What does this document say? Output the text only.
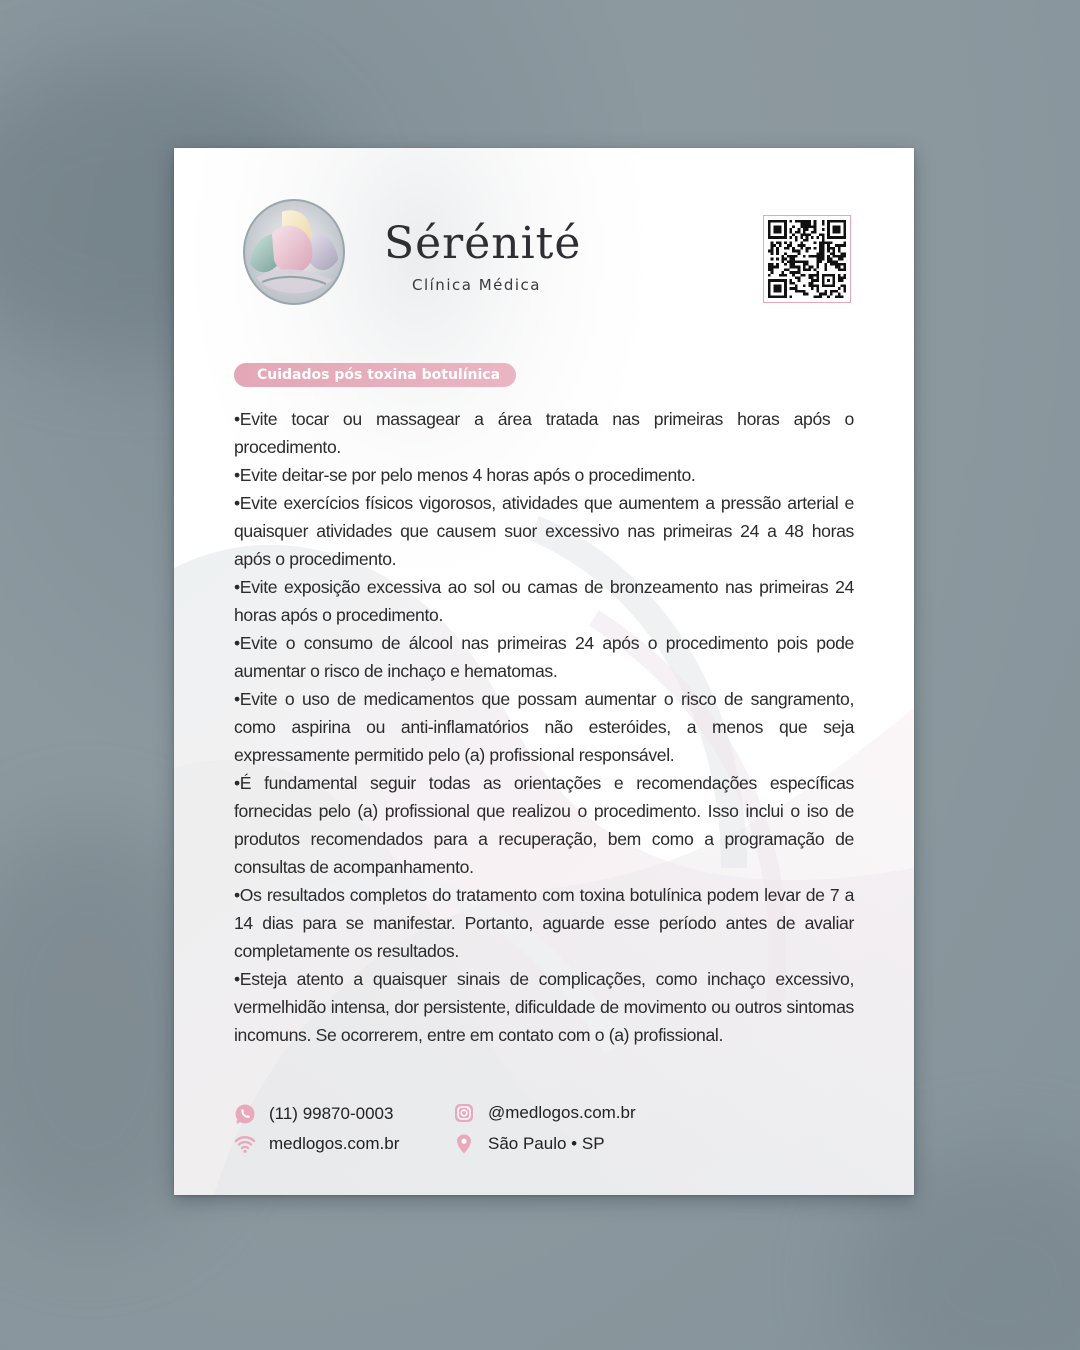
Sérénité
Clínica Médica
Cuidados pós toxina botulínica

•Evite tocar ou massagear a área tratada nas primeiras horas após o procedimento.

•Evite deitar-se por pelo menos 4 horas após o procedimento.

•Evite exercícios físicos vigorosos, atividades que aumentem a pressão arterial e quaisquer atividades que causem suor excessivo nas primeiras 24 a 48 horas após o procedimento.

•Evite exposição excessiva ao sol ou camas de bronzeamento nas primeiras 24 horas após o procedimento.

•Evite o consumo de álcool nas primeiras 24 após o procedimento pois pode aumentar o risco de inchaço e hematomas.

•Evite o uso de medicamentos que possam aumentar o risco de sangramento, como aspirina ou anti-inflamatórios não esteróides, a menos que seja expressamente permitido pelo (a) profissional responsável.

•É fundamental seguir todas as orientações e recomendações específicas fornecidas pelo (a) profissional que realizou o procedimento. Isso inclui o iso de produtos recomendados para a recuperação, bem como a programação de consultas de acompanhamento.

•Os resultados completos do tratamento com toxina botulínica podem levar de 7 a 14 dias para se manifestar. Portanto, aguarde esse período antes de avaliar completamente os resultados.

•Esteja atento a quaisquer sinais de complicações, como inchaço excessivo, vermelhidão intensa, dor persistente, dificuldade de movimento ou outros sintomas incomuns. Se ocorrerem, entre em contato com o (a) profissional.

(11) 99870-0003
medlogos.com.br
@medlogos.com.br
São Paulo • SP
